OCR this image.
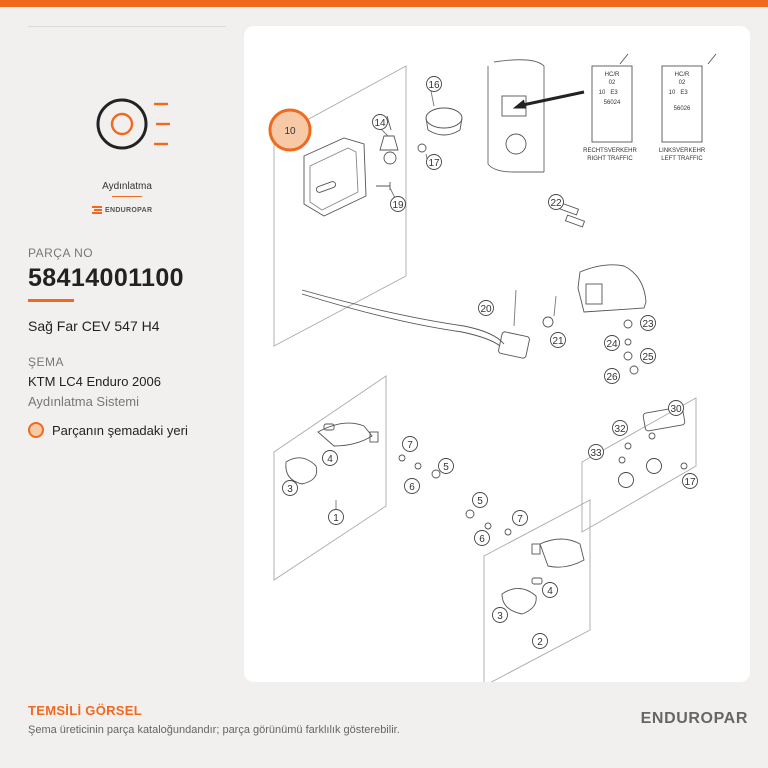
Aydınlatma
ENDUROPAR
PARÇA NO
58414001100
Sağ Far CEV 547 H4
ŞEMA
KTM LC4 Enduro 2006
Aydınlatma Sistemi
Parçanın şemadaki yeri
10
16
14
17
19	22
20
21
23
24
25
26
7
4
5
6
3
1
30
32
33
17
5
6
7
4
3
2
HC/R
02
10 E3
56024
RECHTSVERKEHR
RIGHT TRAFFIC
HC/R
02
10 E3
56026
LINKSVERKEHR
LEFT TRAFFIC
TEMSİLİ GÖRSEL
Şema üreticinin parça kataloğundandır; parça görünümü farklılık gösterebilir.
ENDUROPAR
